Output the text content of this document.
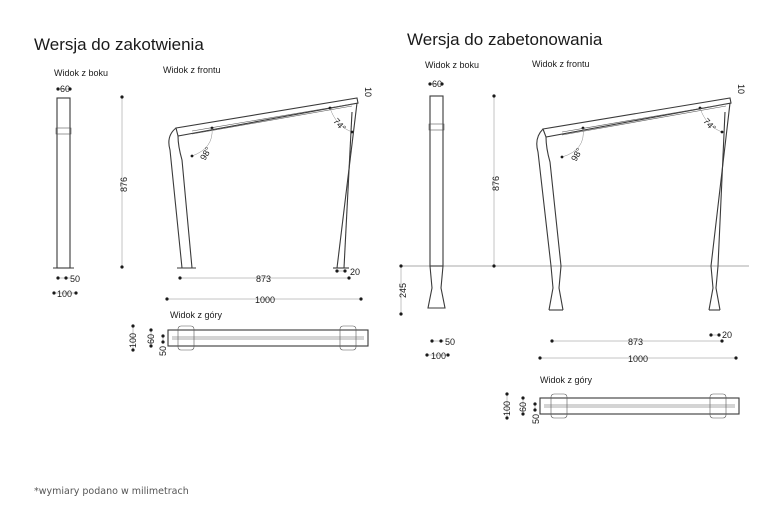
Wersja do zakotwienia
Widok z boku
60
50
100
876
Widok z frontu
98°
74°
10
873
20
1000
Widok z góry
100 60
50
Wersja do zabetonowania
Widok z boku
60
50
100
245
876
Widok z frontu
98°
74°
10
873
20
1000
Widok z góry
100 60
50
*wymiary podano w milimetrach
